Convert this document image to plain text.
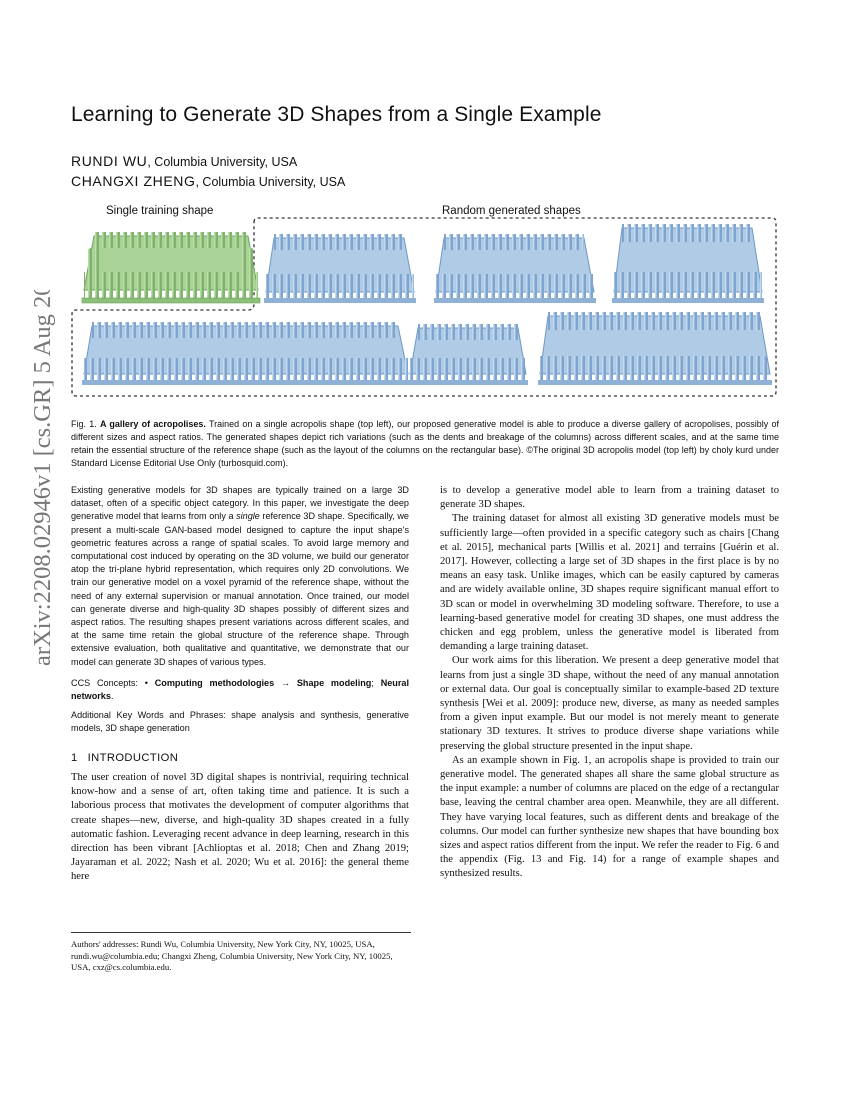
arXiv:2208.02946v1 [cs.GR] 5 Aug 2022
Learning to Generate 3D Shapes from a Single Example
RUNDI WU, Columbia University, USA
CHANGXI ZHENG, Columbia University, USA
Single training shape	Random generated shapes
Fig. 1. A gallery of acropolises. Trained on a single acropolis shape (top left), our proposed generative model is able to produce a diverse gallery of acropolises, possibly of different sizes and aspect ratios. The generated shapes depict rich variations (such as the dents and breakage of the columns) across different scales, and at the same time retain the essential structure of the reference shape (such as the layout of the columns on the rectangular base). ©The original 3D acropolis model (top left) by choly kurd under Standard License Editorial Use Only (turbosquid.com).

Existing generative models for 3D shapes are typically trained on a large 3D dataset, often of a specific object category. In this paper, we investigate the deep generative model that learns from only a single reference 3D shape. Specifically, we present a multi-scale GAN-based model designed to capture the input shape's geometric features across a range of spatial scales. To avoid large memory and computational cost induced by operating on the 3D volume, we build our generator atop the tri-plane hybrid representation, which requires only 2D convolutions. We train our generative model on a voxel pyramid of the reference shape, without the need of any external supervision or manual annotation. Once trained, our model can generate diverse and high-quality 3D shapes possibly of different sizes and aspect ratios. The resulting shapes present variations across different scales, and at the same time retain the global structure of the reference shape. Through extensive evaluation, both qualitative and quantitative, we demonstrate that our model can generate 3D shapes of various types.

CCS Concepts: • Computing methodologies → Shape modeling; Neural networks.

Additional Key Words and Phrases: shape analysis and synthesis, generative models, 3D shape generation

1 INTRODUCTION

The user creation of novel 3D digital shapes is nontrivial, requiring technical know-how and a sense of art, often taking time and patience. It is such a laborious process that motivates the development of computer algorithms that create shapes—new, diverse, and high-quality 3D shapes created in a fully automatic fashion. Leveraging recent advance in deep learning, research in this direction has been vibrant [Achlioptas et al. 2018; Chen and Zhang 2019; Jayaraman et al. 2022; Nash et al. 2020; Wu et al. 2016]: the general theme here

Authors' addresses: Rundi Wu, Columbia University, New York City, NY, 10025, USA, rundi.wu@columbia.edu; Changxi Zheng, Columbia University, New York City, NY, 10025, USA, cxz@cs.columbia.edu.

is to develop a generative model able to learn from a training dataset to generate 3D shapes.

The training dataset for almost all existing 3D generative models must be sufficiently large—often provided in a specific category such as chairs [Chang et al. 2015], mechanical parts [Willis et al. 2021] and terrains [Guérin et al. 2017]. However, collecting a large set of 3D shapes in the first place is by no means an easy task. Unlike images, which can be easily captured by cameras and are widely available online, 3D shapes require significant manual effort to 3D scan or model in overwhelming 3D modeling software. Therefore, to use a learning-based generative model for creating 3D shapes, one must address the chicken and egg problem, unless the generative model is liberated from demanding a large training dataset.

Our work aims for this liberation. We present a deep generative model that learns from just a single 3D shape, without the need of any manual annotation or external data. Our goal is conceptually similar to example-based 2D texture synthesis [Wei et al. 2009]: produce new, diverse, as many as needed samples from a given input example. But our model is not merely meant to generate stationary 3D textures. It strives to produce diverse shape variations while preserving the global structure presented in the input shape.

As an example shown in Fig. 1, an acropolis shape is provided to train our generative model. The generated shapes all share the same global structure as the input example: a number of columns are placed on the edge of a rectangular base, leaving the central chamber area open. Meanwhile, they are all different. They have varying local features, such as different dents and breakage of the columns. Our model can further synthesize new shapes that have bounding box sizes and aspect ratios different from the input. We refer the reader to Fig. 6 and the appendix (Fig. 13 and Fig. 14) for a range of example shapes and synthesized results.
